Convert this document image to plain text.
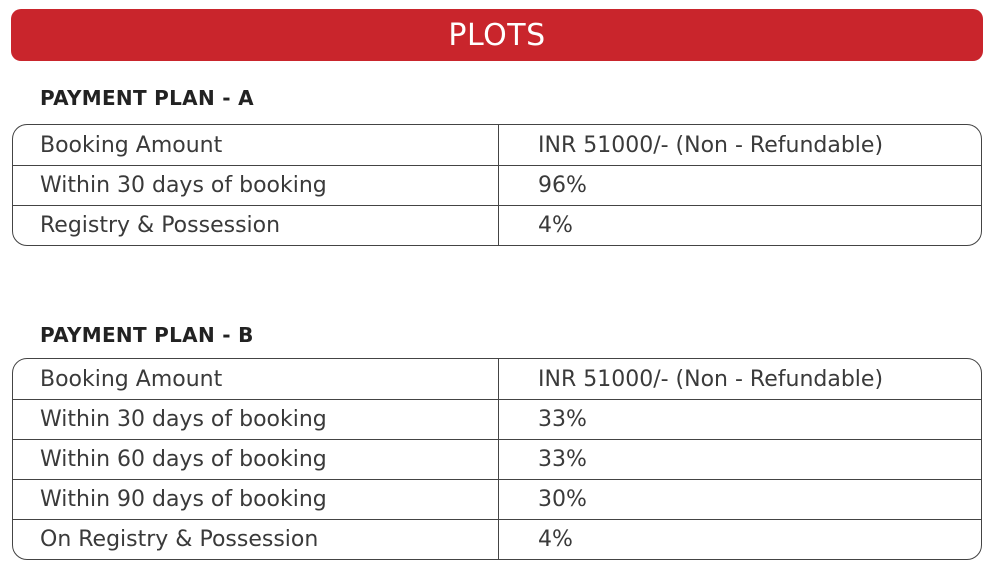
PLOTS
PAYMENT PLAN - A
Booking Amount	INR 51000/- (Non - Refundable)
Within 30 days of booking	96%
Registry & Possession	4%
PAYMENT PLAN - B
Booking Amount	INR 51000/- (Non - Refundable)
Within 30 days of booking	33%
Within 60 days of booking	33%
Within 90 days of booking	30%
On Registry & Possession	4%
